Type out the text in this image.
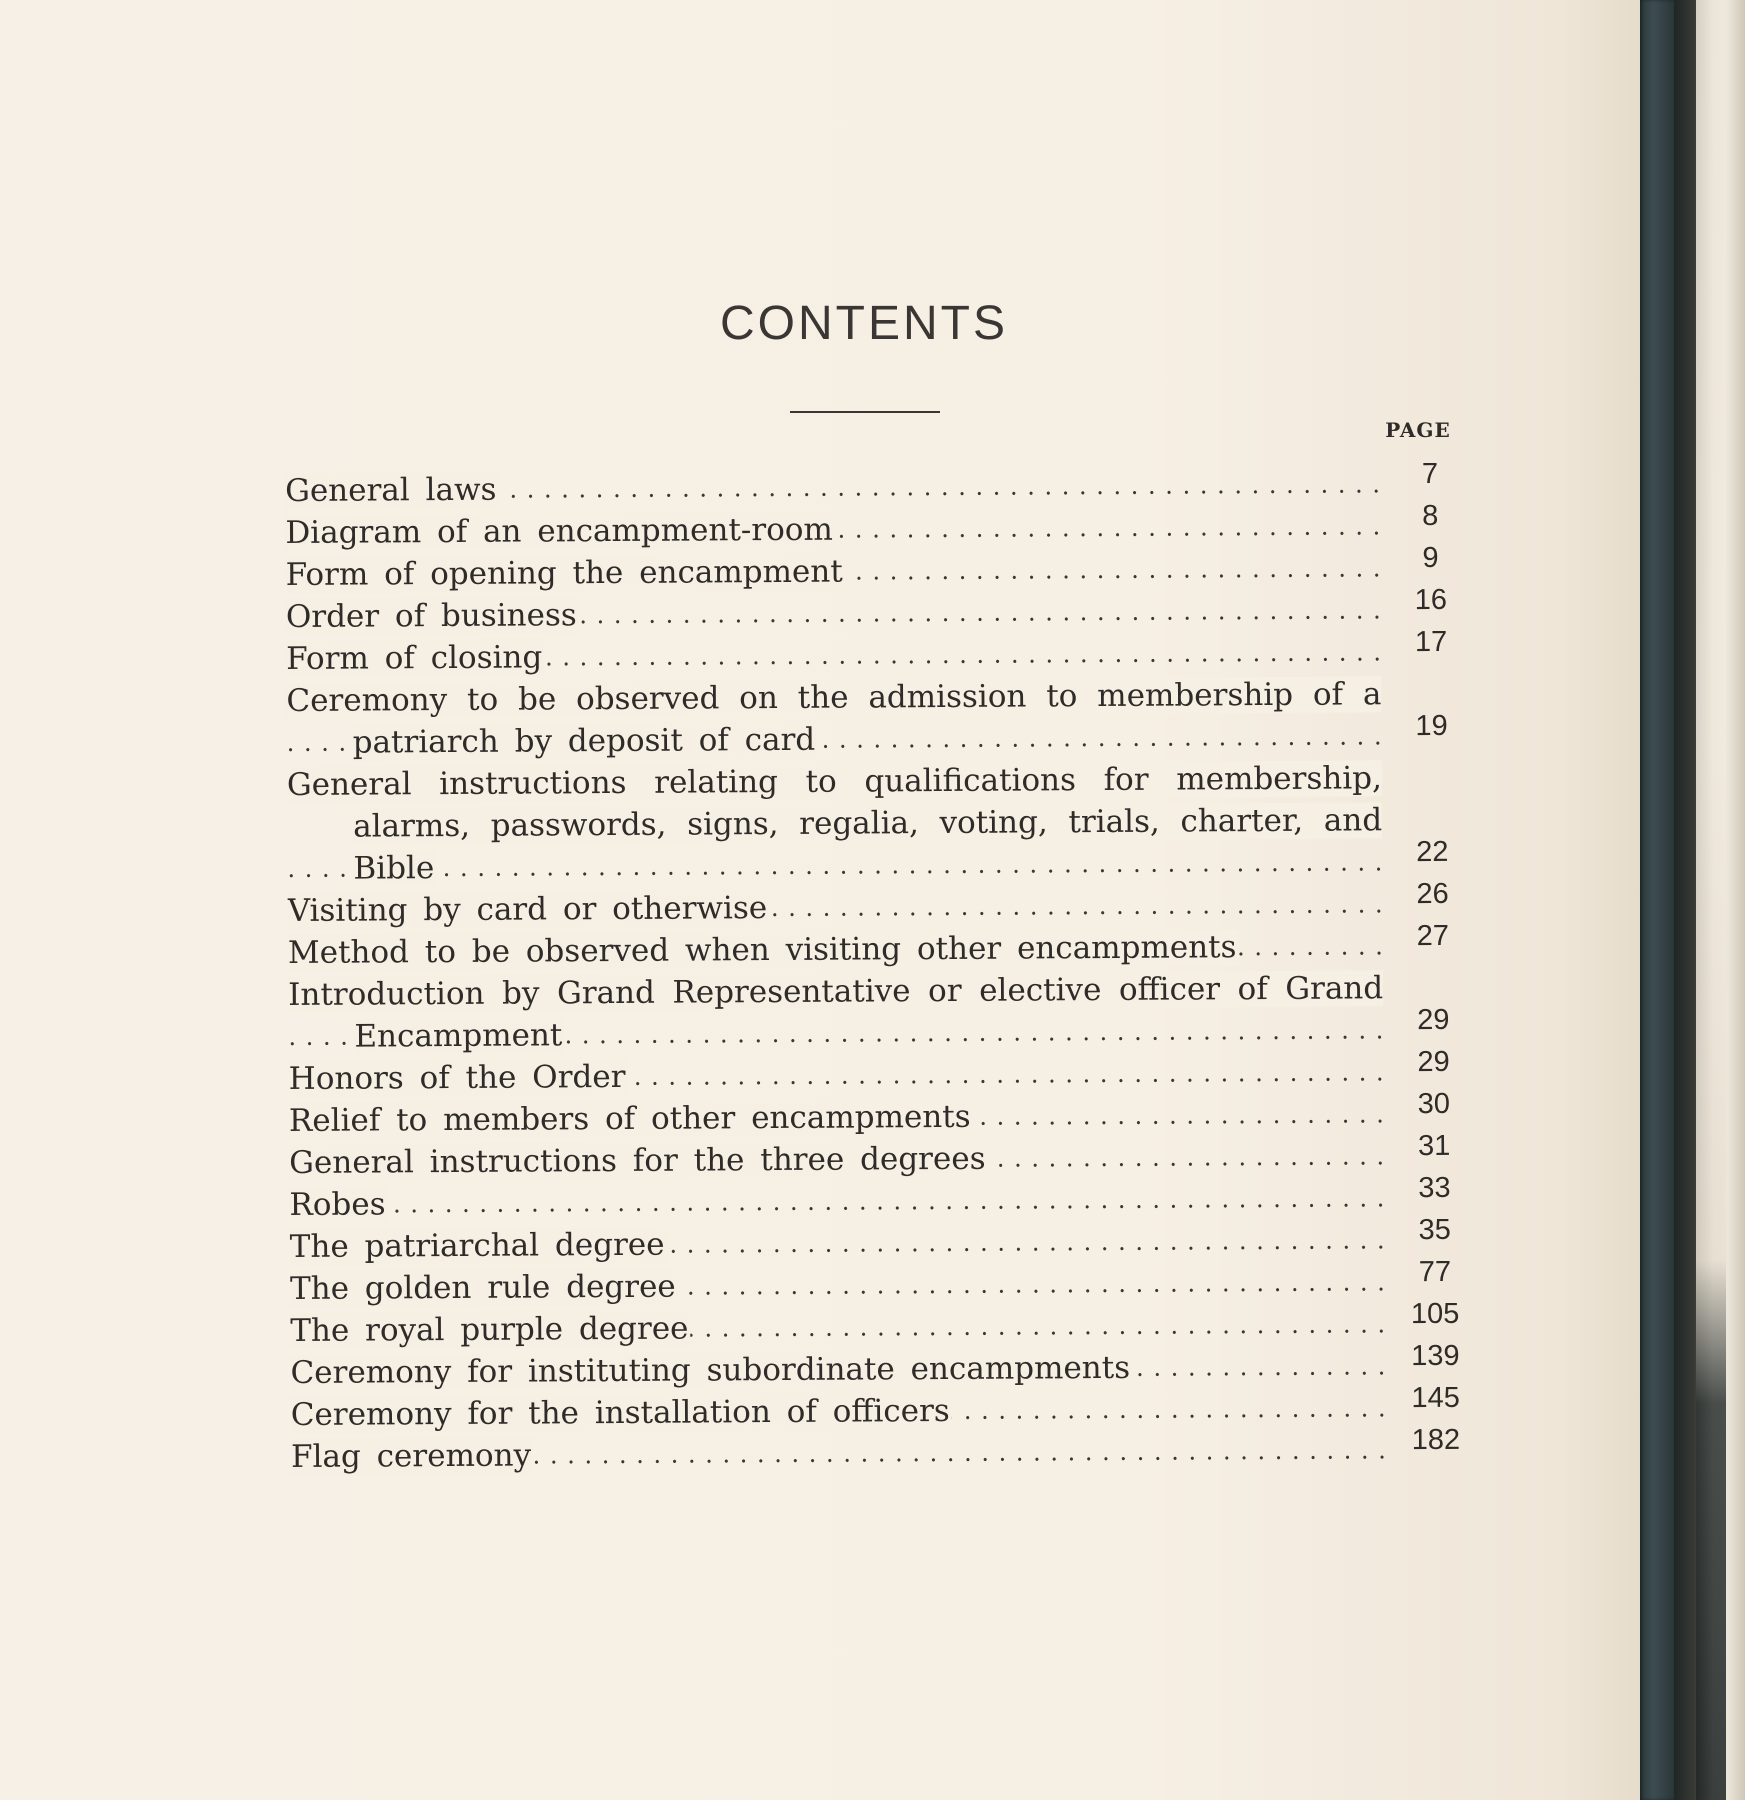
CONTENTS
PAGE
General laws . . .	7
Diagram of an encampment-room . . .	8
Form of opening the encampment . . .	9
Order of business . . .	16
Form of closing . . .	17
Ceremony to be observed on the admission to membership of a patriarch by deposit of card . . .	19
General instructions relating to qualifications for membership, alarms, passwords, signs, regalia, voting, trials, charter, and Bible . . .	22
Visiting by card or otherwise . . .	26
Method to be observed when visiting other encampments . . .	27
Introduction by Grand Representative or elective officer of Grand Encampment . . .	29
Honors of the Order . . .	29
Relief to members of other encampments . . .	30
General instructions for the three degrees . . .	31
Robes . . .	33
The patriarchal degree . . .	35
The golden rule degree . . .	77
The royal purple degree . . .	105
Ceremony for instituting subordinate encampments . . .	139
Ceremony for the installation of officers . . .	145
Flag ceremony . . .	182
